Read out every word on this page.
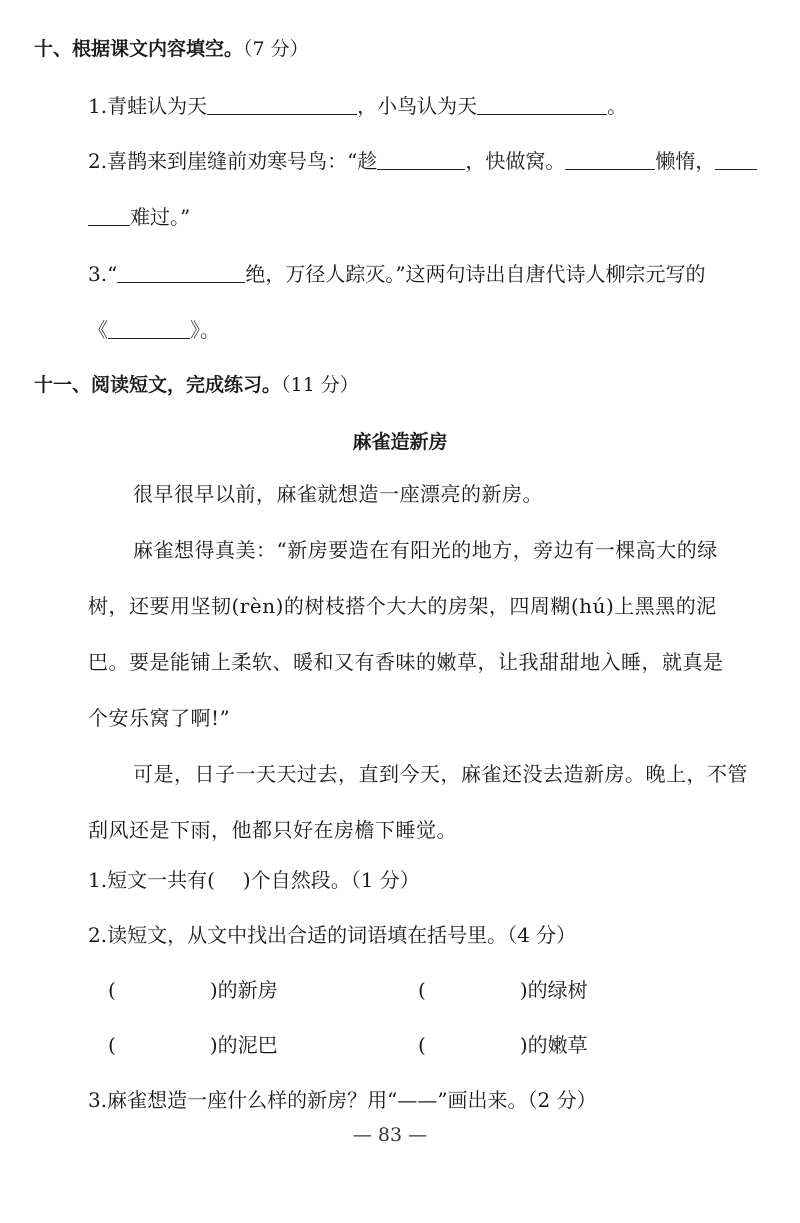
十、根据课文内容填空。（7 分）
1.青蛙认为天	，小鸟认为天	。
2.喜鹊来到崖缝前劝寒号鸟：“趁	，快做窝。	懒惰，
难过。”
3.“	绝，万径人踪灭。”这两句诗出自唐代诗人柳宗元写的
《	》。
十一、阅读短文，完成练习。（11 分）
麻雀造新房
很早很早以前，麻雀就想造一座漂亮的新房。
麻雀想得真美：“新房要造在有阳光的地方，旁边有一棵高大的绿
树，还要用坚韧(rèn)的树枝搭个大大的房架，四周糊(hú)上黑黑的泥
巴。要是能铺上柔软、暖和又有香味的嫩草，让我甜甜地入睡，就真是
个安乐窝了啊!”
可是，日子一天天过去，直到今天，麻雀还没去造新房。晚上，不管
刮风还是下雨，他都只好在房檐下睡觉。
1.短文一共有( )个自然段。（1 分）
2.读短文，从文中找出合适的词语填在括号里。（4 分）
(	)的新房	(	)的绿树
(	)的泥巴	(	)的嫩草
3.麻雀想造一座什么样的新房？用“——”画出来。（2 分）
— 83 —
